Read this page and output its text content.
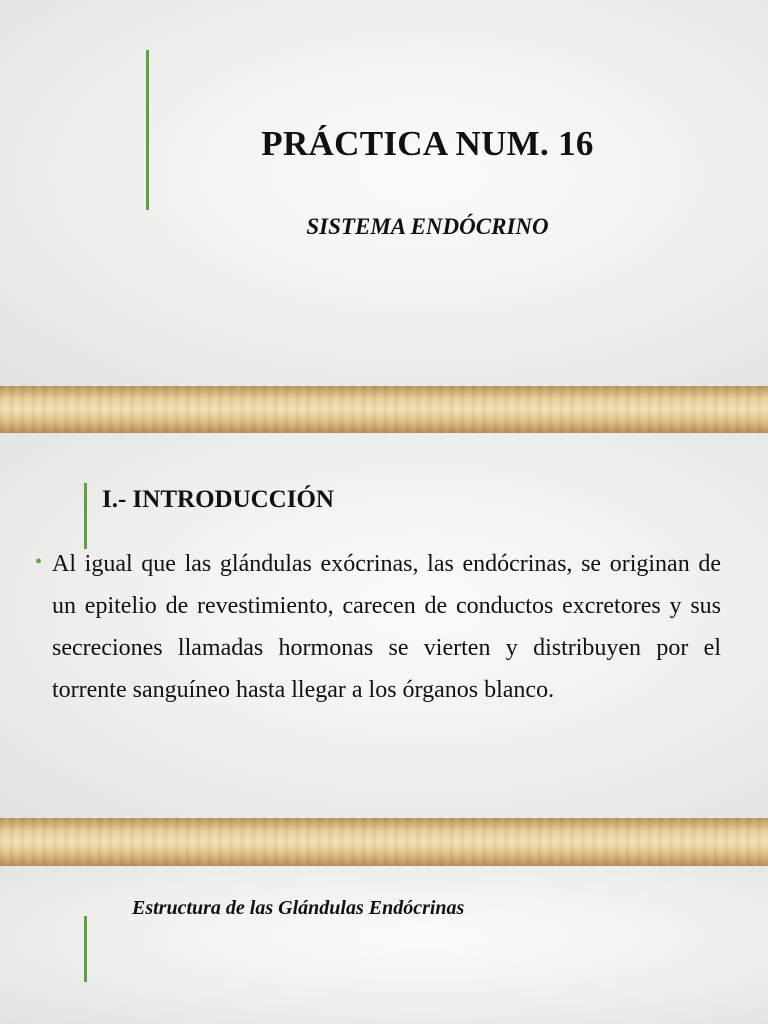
PRÁCTICA NUM. 16
SISTEMA ENDÓCRINO
I.- INTRODUCCIÓN
• Al igual que las glándulas exócrinas, las endócrinas, se originan de un epitelio de revestimiento, carecen de conductos excretores y sus secreciones llamadas hormonas se vierten y distribuyen por el torrente sanguíneo hasta llegar a los órganos blanco.
Estructura de las Glándulas Endócrinas
